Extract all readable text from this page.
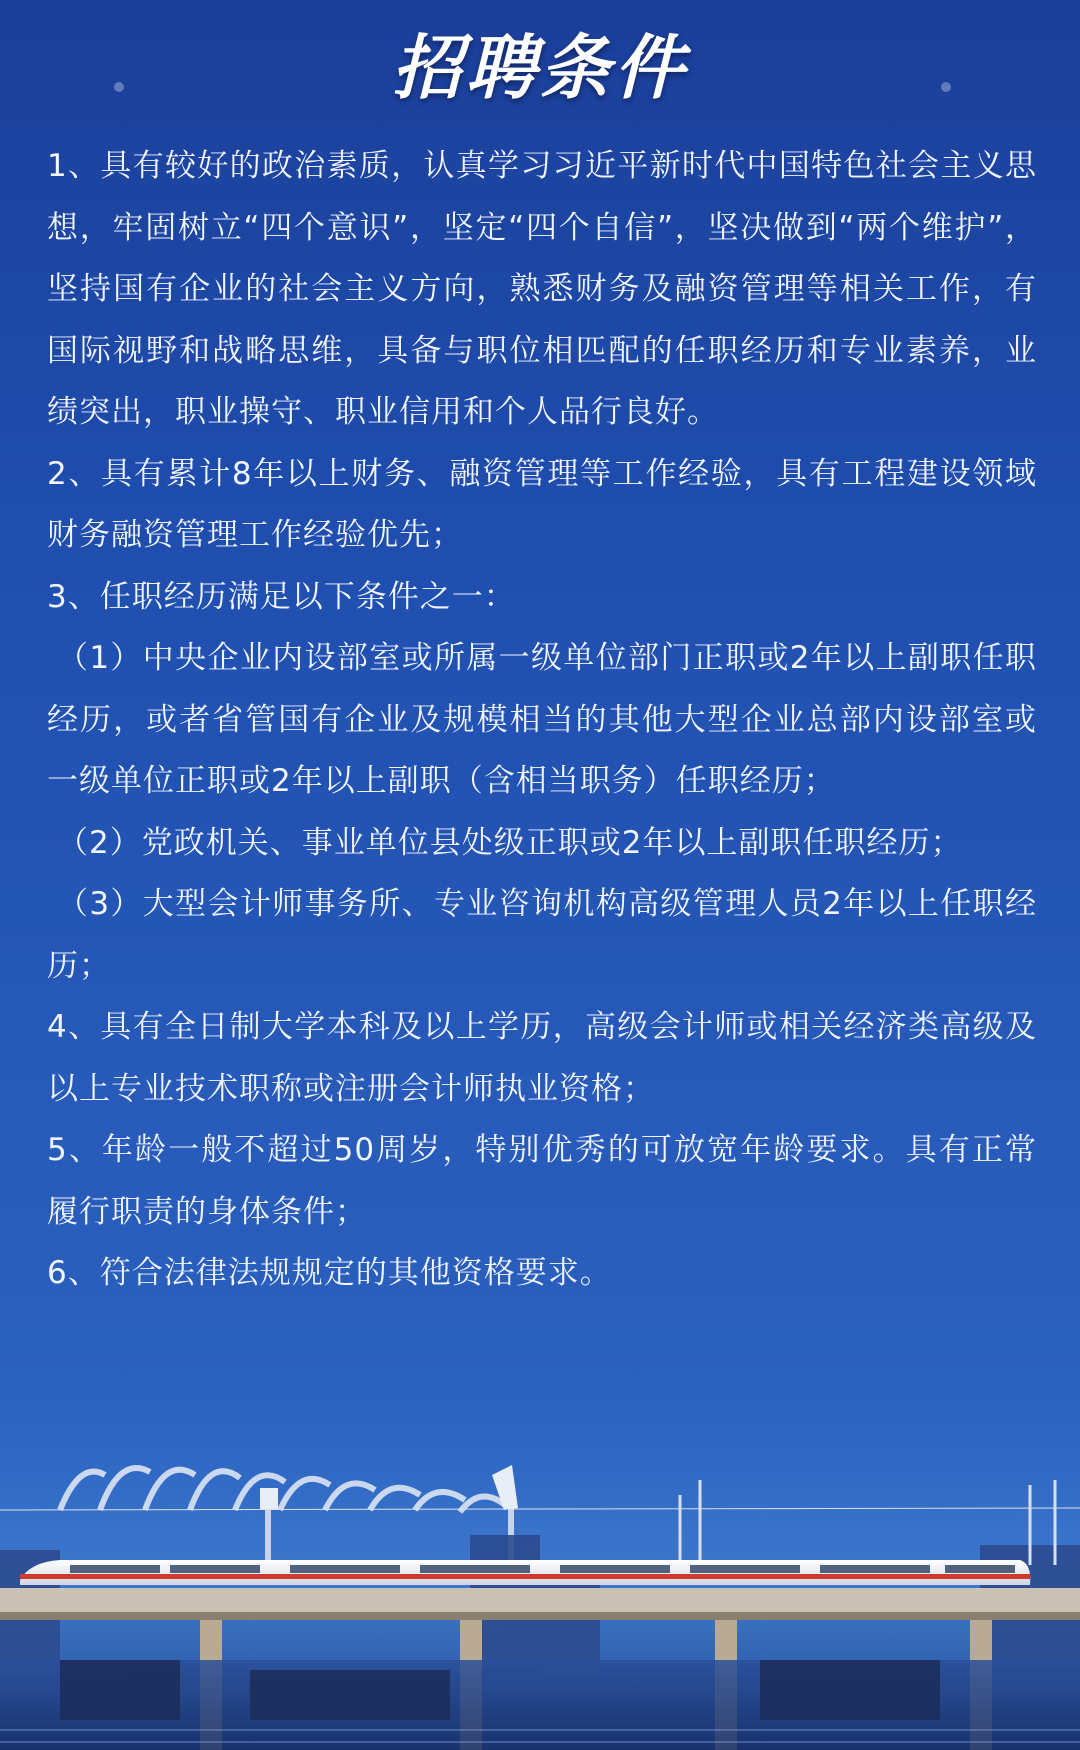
招聘条件

1、具有较好的政治素质，认真学习习近平新时代中国特色社会主义思想，牢固树立“四个意识”，坚定“四个自信”，坚决做到“两个维护”，坚持国有企业的社会主义方向，熟悉财务及融资管理等相关工作，有国际视野和战略思维，具备与职位相匹配的任职经历和专业素养，业绩突出，职业操守、职业信用和个人品行良好。

2、具有累计8年以上财务、融资管理等工作经验，具有工程建设领域财务融资管理工作经验优先；

3、任职经历满足以下条件之一：

（1）中央企业内设部室或所属一级单位部门正职或2年以上副职任职经历，或者省管国有企业及规模相当的其他大型企业总部内设部室或一级单位正职或2年以上副职（含相当职务）任职经历；

（2）党政机关、事业单位县处级正职或2年以上副职任职经历；

（3）大型会计师事务所、专业咨询机构高级管理人员2年以上任职经历；

4、具有全日制大学本科及以上学历，高级会计师或相关经济类高级及以上专业技术职称或注册会计师执业资格；

5、年龄一般不超过50周岁，特别优秀的可放宽年龄要求。具有正常履行职责的身体条件；

6、符合法律法规规定的其他资格要求。
